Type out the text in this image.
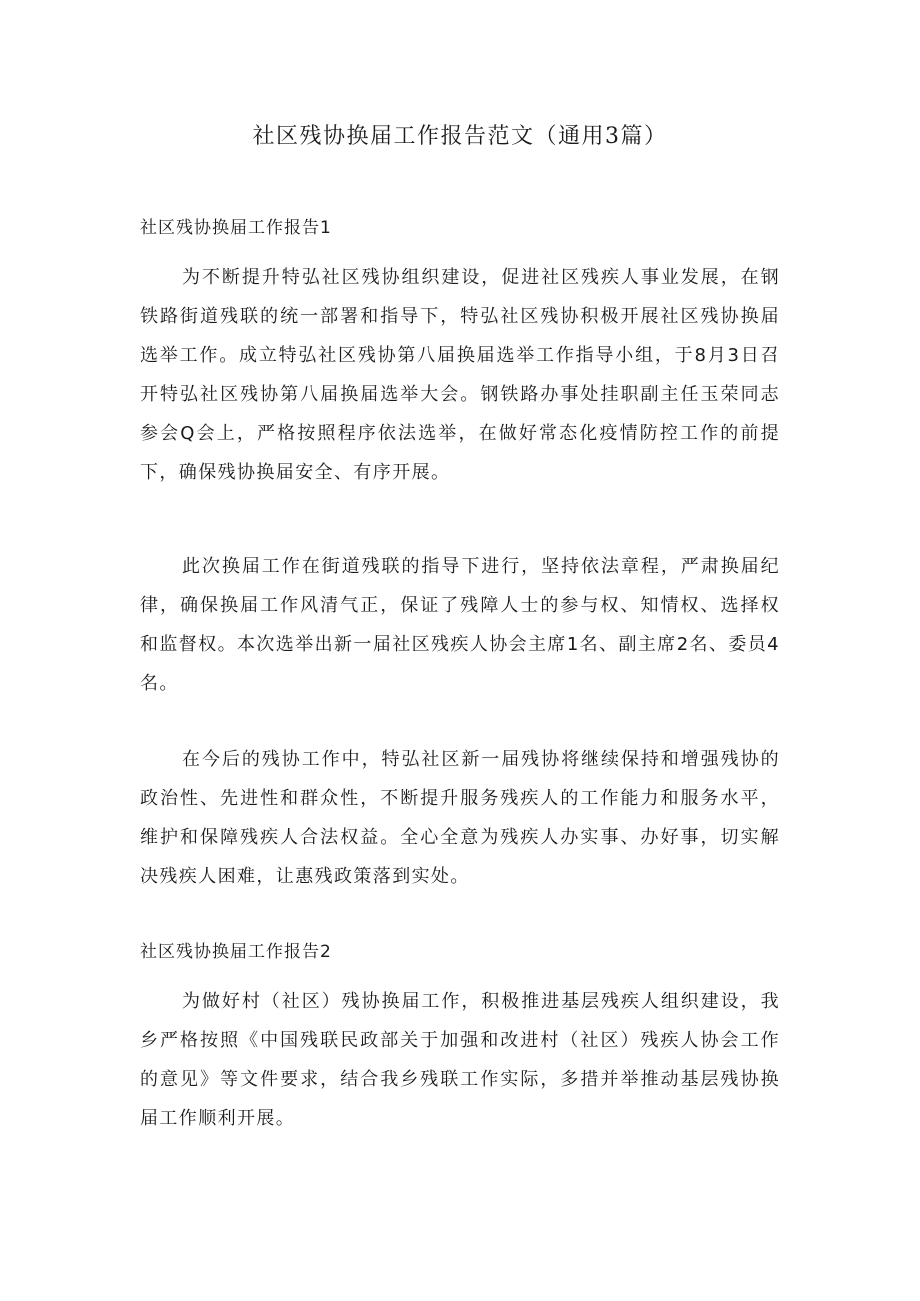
社区残协换届工作报告范文（通用3篇）
社区残协换届工作报告1

为不断提升特弘社区残协组织建设，促进社区残疾人事业发展，在钢铁路街道残联的统一部署和指导下，特弘社区残协积极开展社区残协换届选举工作。成立特弘社区残协第八届换届选举工作指导小组，于8月3日召开特弘社区残协第八届换届选举大会。钢铁路办事处挂职副主任玉荣同志参会Q会上，严格按照程序依法选举，在做好常态化疫情防控工作的前提下，确保残协换届安全、有序开展。

此次换届工作在街道残联的指导下进行，坚持依法章程，严肃换届纪律，确保换届工作风清气正，保证了残障人士的参与权、知情权、选择权和监督权。本次选举出新一届社区残疾人协会主席1名、副主席2名、委员4名。

在今后的残协工作中，特弘社区新一届残协将继续保持和增强残协的政治性、先进性和群众性，不断提升服务残疾人的工作能力和服务水平，维护和保障残疾人合法权益。全心全意为残疾人办实事、办好事，切实解决残疾人困难，让惠残政策落到实处。

社区残协换届工作报告2

为做好村（社区）残协换届工作，积极推进基层残疾人组织建设，我乡严格按照《中国残联民政部关于加强和改进村（社区）残疾人协会工作的意见》等文件要求，结合我乡残联工作实际，多措并举推动基层残协换届工作顺利开展。
